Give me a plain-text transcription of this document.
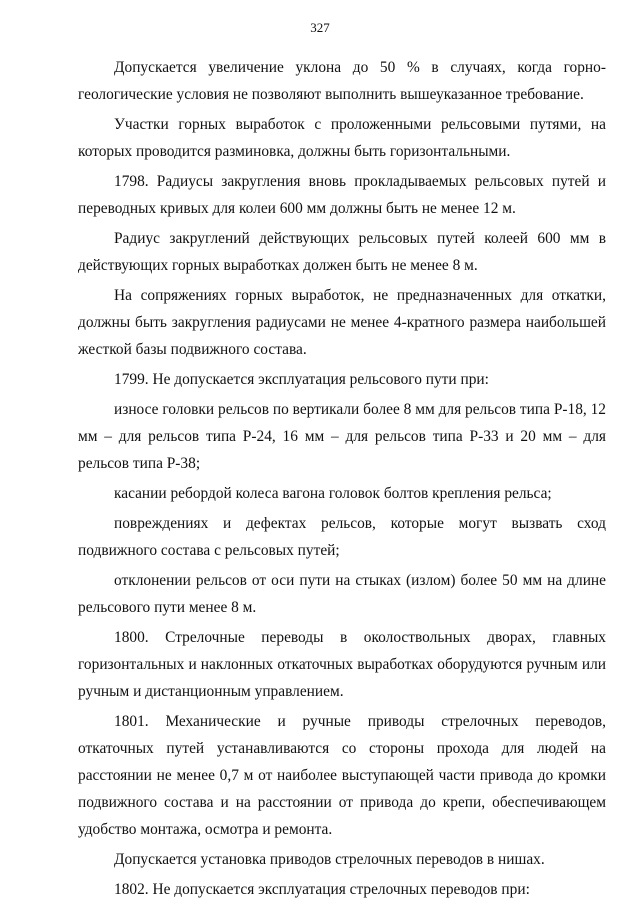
327

Допускается увеличение уклона до 50 % в случаях, когда горно-геологические условия не позволяют выполнить вышеуказанное требование.

Участки горных выработок с проложенными рельсовыми путями, на которых проводится разминовка, должны быть горизонтальными.

1798. Радиусы закругления вновь прокладываемых рельсовых путей и переводных кривых для колеи 600 мм должны быть не менее 12 м.

Радиус закруглений действующих рельсовых путей колеей 600 мм в действующих горных выработках должен быть не менее 8 м.

На сопряжениях горных выработок, не предназначенных для откатки, должны быть закругления радиусами не менее 4-кратного размера наибольшей жесткой базы подвижного состава.

1799. Не допускается эксплуатация рельсового пути при:

износе головки рельсов по вертикали более 8 мм для рельсов типа Р-18, 12 мм – для рельсов типа Р-24, 16 мм – для рельсов типа Р-33 и 20 мм – для рельсов типа Р-38;

касании ребордой колеса вагона головок болтов крепления рельса;

повреждениях и дефектах рельсов, которые могут вызвать сход подвижного состава с рельсовых путей;

отклонении рельсов от оси пути на стыках (излом) более 50 мм на длине рельсового пути менее 8 м.

1800. Стрелочные переводы в околоствольных дворах, главных горизонтальных и наклонных откаточных выработках оборудуются ручным или ручным и дистанционным управлением.

1801. Механические и ручные приводы стрелочных переводов, откаточных путей устанавливаются со стороны прохода для людей на расстоянии не менее 0,7 м от наиболее выступающей части привода до кромки подвижного состава и на расстоянии от привода до крепи, обеспечивающем удобство монтажа, осмотра и ремонта.

Допускается установка приводов стрелочных переводов в нишах.

1802. Не допускается эксплуатация стрелочных переводов при:
